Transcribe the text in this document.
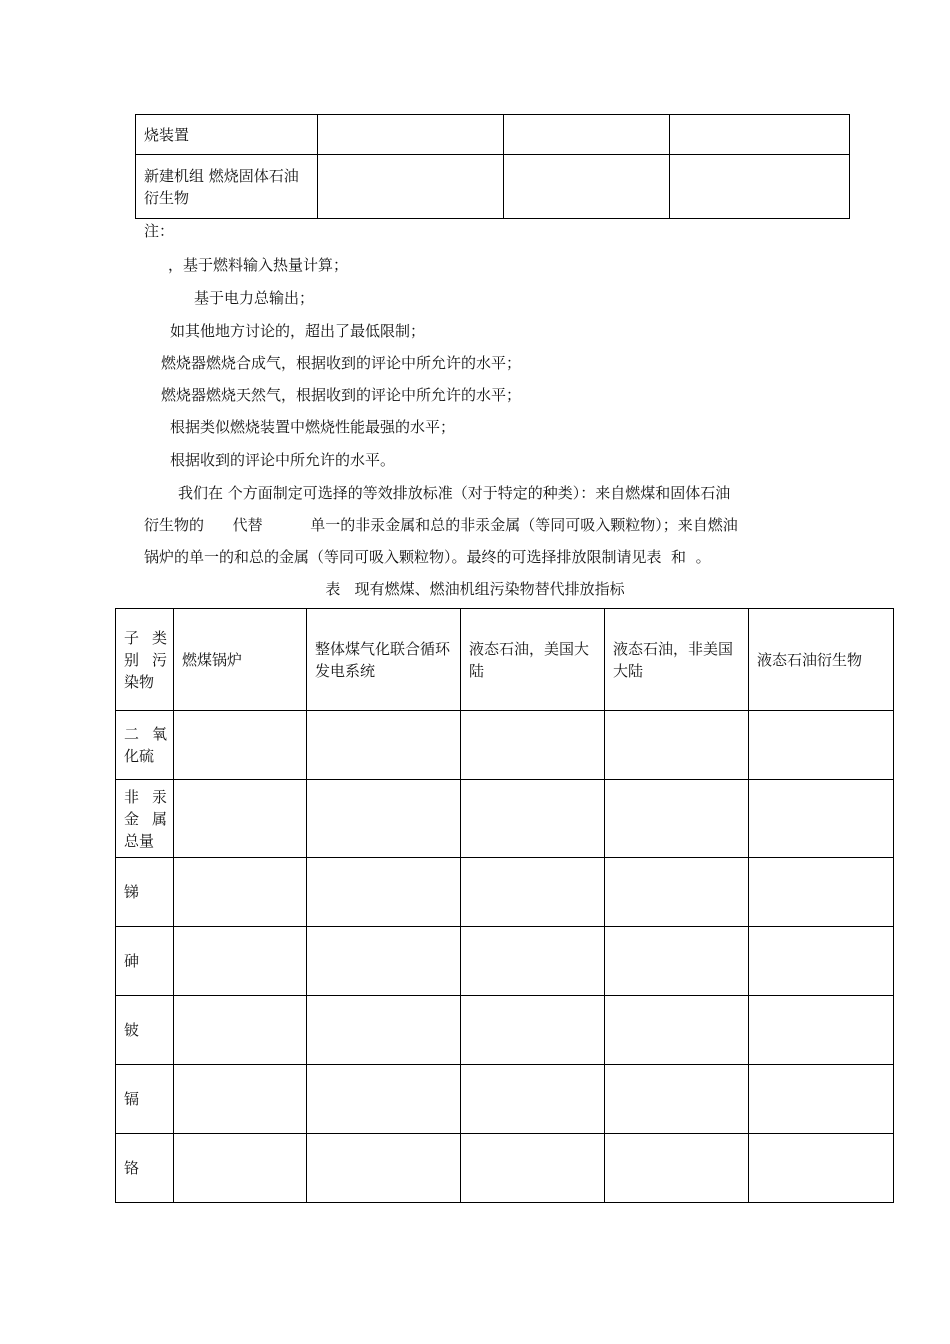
烧装置			
新建机组 燃烧固体石油衍生物			
注：
，基于燃料输入热量计算；
基于电力总输出；
如其他地方讨论的，超出了最低限制；
燃烧器燃烧合成气，根据收到的评论中所允许的水平；
燃烧器燃烧天然气，根据收到的评论中所允许的水平；
根据类似燃烧装置中燃烧性能最强的水平；
根据收到的评论中所允许的水平。
我们在 个方面制定可选择的等效排放标准（对于特定的种类）：来自燃煤和固体石油
衍生物的      代替          单一的非汞金属和总的非汞金属（等同可吸入颗粒物）；来自燃油
锅炉的单一的和总的金属（等同可吸入颗粒物）。最终的可选择排放限制请见表  和  。
表   现有燃煤、燃油机组污染物替代排放指标
子 类别 污 染物	燃煤锅炉	整体煤气化联合循环发电系统	液态石油，美国大陆	液态石油，非美国大陆	液态石油衍生物

二 氧化硫					

非 汞金 属总量					

锑					
砷					
铍					
镉					
铬					
